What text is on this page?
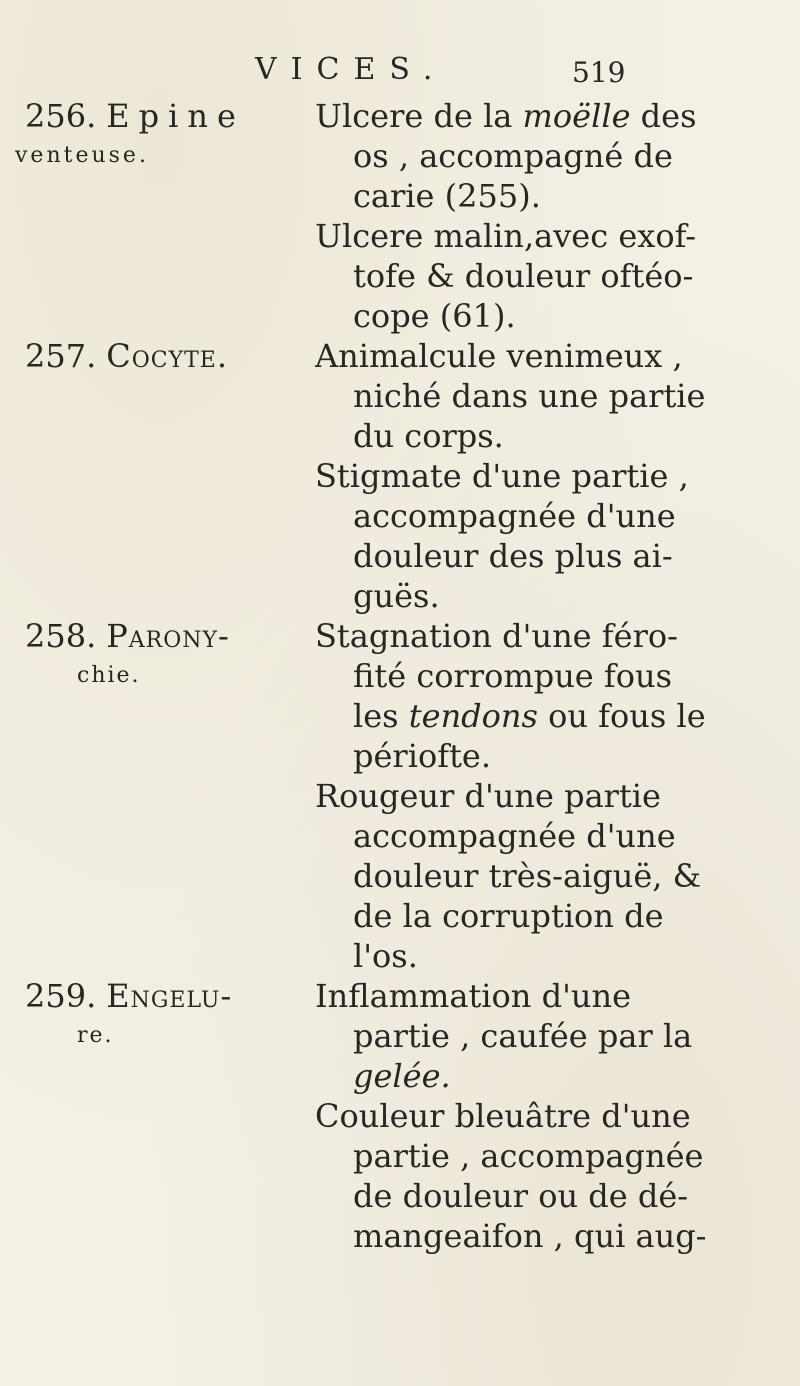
VICES.	519
256. Epine
venteuse.
Ulcere de la moëlle des
os , accompagné de
carie (255).
Ulcere malin,avec exof-
tofe & douleur oftéo-
cope (61).
257. Cocyte.	Animalcule venimeux ,
niché dans une partie
du corps.
Stigmate d'une partie ,
accompagnée d'une
douleur des plus ai-
guës.
258. Parony-
chie.
Stagnation d'une féro-
fité corrompue fous
les tendons ou fous le
périofte.
Rougeur d'une partie
accompagnée d'une
douleur très-aiguë, &
de la corruption de
l'os.
259. Engelu-
re.
Inflammation d'une
partie , caufée par la
gelée.
Couleur bleuâtre d'une
partie , accompagnée
de douleur ou de dé-
mangeaifon , qui aug-
